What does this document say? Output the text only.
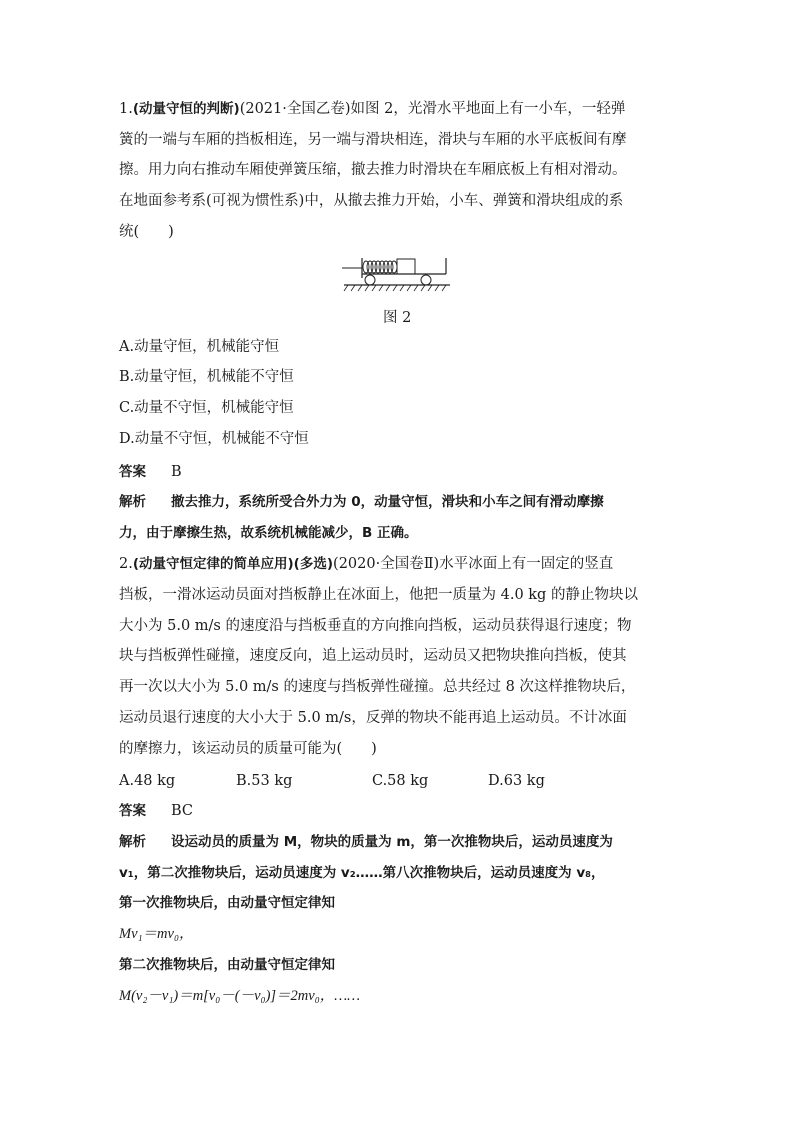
1.(动量守恒的判断)(2021·全国乙卷)如图 2，光滑水平地面上有一小车，一轻弹
簧的一端与车厢的挡板相连，另一端与滑块相连，滑块与车厢的水平底板间有摩
擦。用力向右推动车厢使弹簧压缩，撤去推力时滑块在车厢底板上有相对滑动。
在地面参考系(可视为惯性系)中，从撤去推力开始，小车、弹簧和滑块组成的系
统(　　)
图 2
A.动量守恒，机械能守恒
B.动量守恒，机械能不守恒
C.动量不守恒，机械能守恒
D.动量不守恒，机械能不守恒
答案 B
解析 撤去推力，系统所受合外力为 0，动量守恒，滑块和小车之间有滑动摩擦
力，由于摩擦生热，故系统机械能减少，B 正确。
2.(动量守恒定律的简单应用)(多选)(2020·全国卷Ⅱ)水平冰面上有一固定的竖直
挡板，一滑冰运动员面对挡板静止在冰面上，他把一质量为 4.0 kg 的静止物块以
大小为 5.0 m/s 的速度沿与挡板垂直的方向推向挡板，运动员获得退行速度；物
块与挡板弹性碰撞，速度反向，追上运动员时，运动员又把物块推向挡板，使其
再一次以大小为 5.0 m/s 的速度与挡板弹性碰撞。总共经过 8 次这样推物块后，
运动员退行速度的大小大于 5.0 m/s，反弹的物块不能再追上运动员。不计冰面
的摩擦力，该运动员的质量可能为(　　)
A.48 kg	B.53 kg	C.58 kg	D.63 kg
答案 BC
解析 设运动员的质量为 M，物块的质量为 m，第一次推物块后，运动员速度为
v₁，第二次推物块后，运动员速度为 v₂……第八次推物块后，运动员速度为 v₈，
第一次推物块后，由动量守恒定律知
Mv₁＝mv₀，
第二次推物块后，由动量守恒定律知
M(v₂－v₁)＝m[v₀－(－v₀)]＝2mv₀，……
